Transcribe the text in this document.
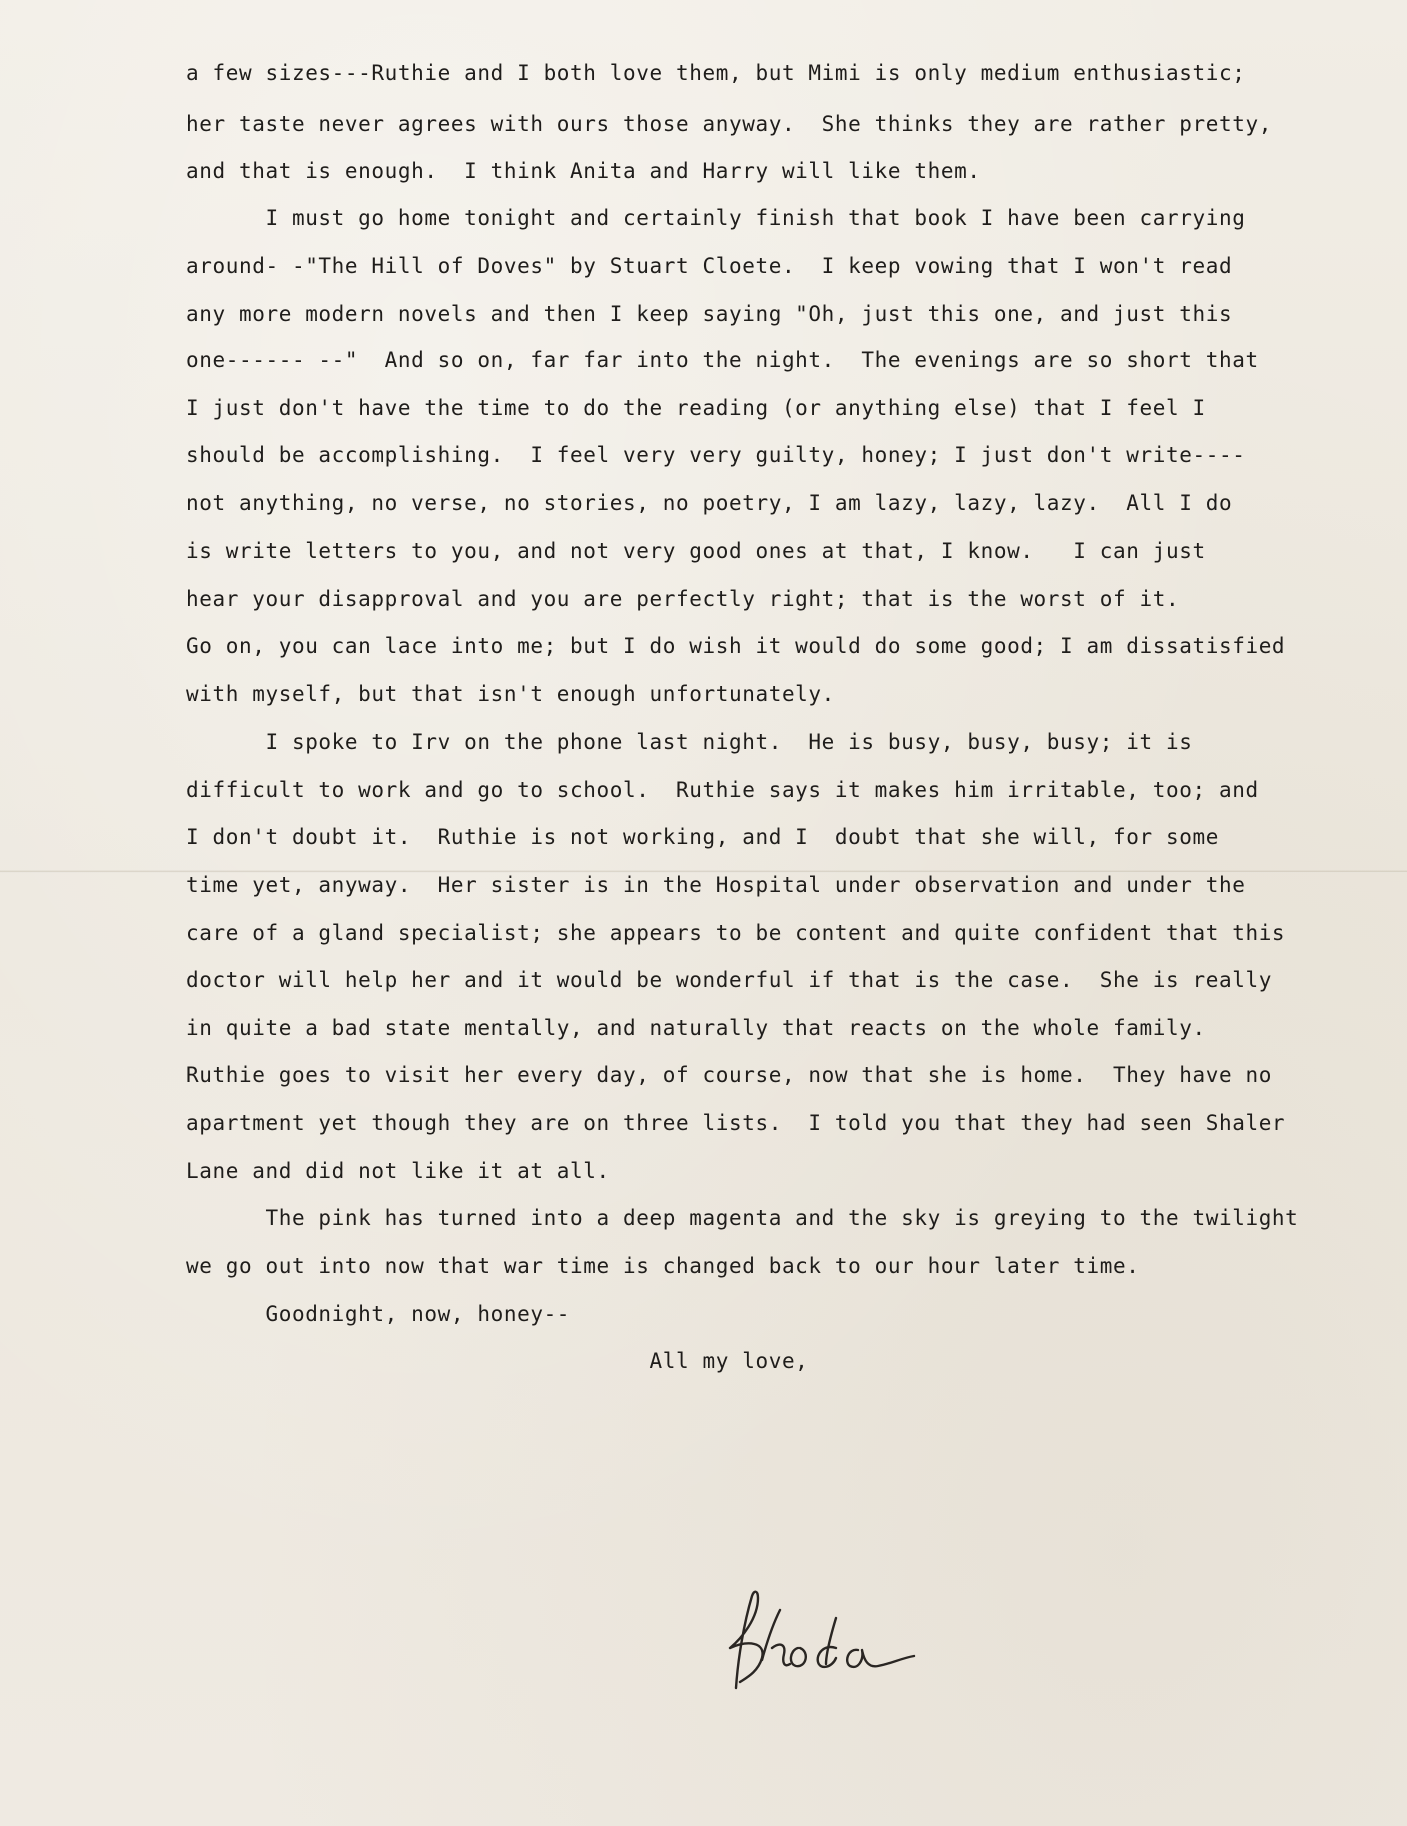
a few sizes---Ruthie and I both love them, but Mimi is only medium enthusiastic;
her taste never agrees with ours those anyway.  She thinks they are rather pretty,
and that is enough.  I think Anita and Harry will like them.
I must go home tonight and certainly finish that book I have been carrying
around- -"The Hill of Doves" by Stuart Cloete.  I keep vowing that I won't read
any more modern novels and then I keep saying "Oh, just this one, and just this
one------ --"  And so on, far far into the night.  The evenings are so short that
I just don't have the time to do the reading (or anything else) that I feel I
should be accomplishing.  I feel very very guilty, honey; I just don't write----
not anything, no verse, no stories, no poetry, I am lazy, lazy, lazy.  All I do
is write letters to you, and not very good ones at that, I know.   I can just
hear your disapproval and you are perfectly right; that is the worst of it.
Go on, you can lace into me; but I do wish it would do some good; I am dissatisfied
with myself, but that isn't enough unfortunately.
I spoke to Irv on the phone last night.  He is busy, busy, busy; it is
difficult to work and go to school.  Ruthie says it makes him irritable, too; and
I don't doubt it.  Ruthie is not working, and I  doubt that she will, for some
time yet, anyway.  Her sister is in the Hospital under observation and under the
care of a gland specialist; she appears to be content and quite confident that this
doctor will help her and it would be wonderful if that is the case.  She is really
in quite a bad state mentally, and naturally that reacts on the whole family.
Ruthie goes to visit her every day, of course, now that she is home.  They have no
apartment yet though they are on three lists.  I told you that they had seen Shaler
Lane and did not like it at all.
The pink has turned into a deep magenta and the sky is greying to the twilight
we go out into now that war time is changed back to our hour later time.
Goodnight, now, honey--
All my love,
